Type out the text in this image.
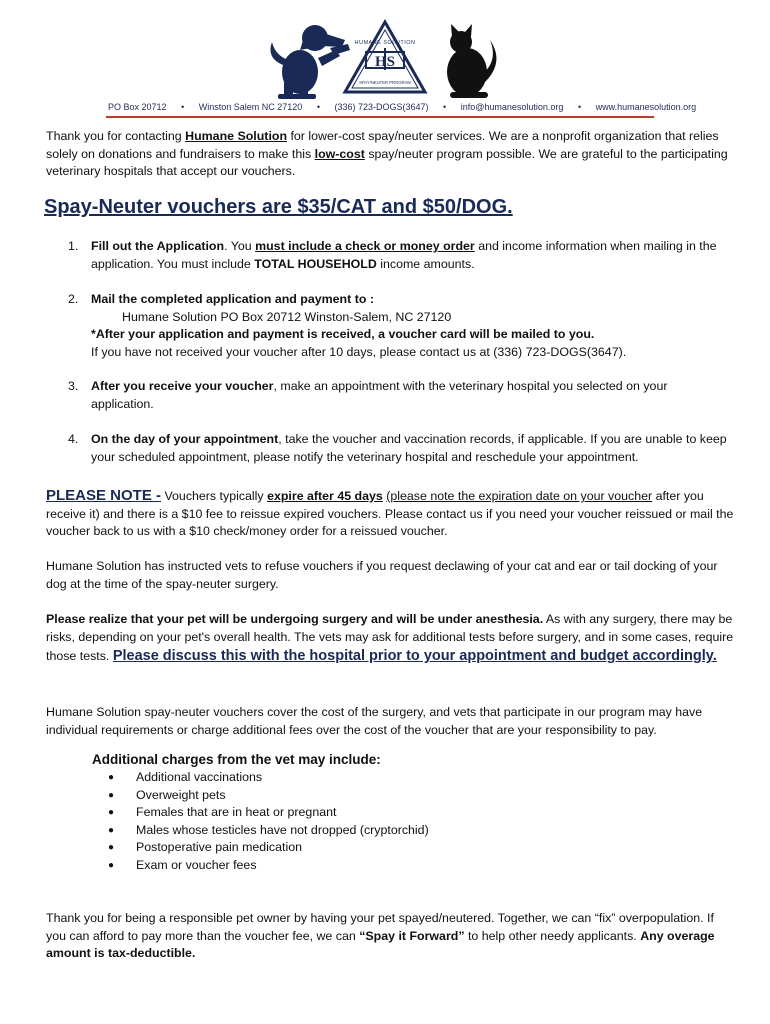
HS
HUMANE SOLUTION
SPAY/NEUTER PROGRAM
PO Box 20712 • Winston Salem NC 27120 • (336) 723-DOGS(3647) • info@humanesolution.org • www.humanesolution.org

Thank you for contacting Humane Solution for lower-cost spay/neuter services. We are a nonprofit organization that relies solely on donations and fundraisers to make this low-cost spay/neuter program possible. We are grateful to the participating veterinary hospitals that accept our vouchers.

Spay-Neuter vouchers are $35/CAT and $50/DOG.

1.	Fill out the Application. You must include a check or money order and income information when mailing in the application. You must include TOTAL HOUSEHOLD income amounts.

2.	Mail the completed application and payment to :

Humane Solution PO Box 20712 Winston-Salem, NC 27120

*After your application and payment is received, a voucher card will be mailed to you.

If you have not received your voucher after 10 days, please contact us at (336) 723-DOGS(3647).

3.	After you receive your voucher, make an appointment with the veterinary hospital you selected on your application.

4.	On the day of your appointment, take the voucher and vaccination records, if applicable. If you are unable to keep your scheduled appointment, please notify the veterinary hospital and reschedule your appointment.

PLEASE NOTE - Vouchers typically expire after 45 days (please note the expiration date on your voucher after you receive it) and there is a $10 fee to reissue expired vouchers. Please contact us if you need your voucher reissued or mail the voucher back to us with a $10 check/money order for a reissued voucher.

Humane Solution has instructed vets to refuse vouchers if you request declawing of your cat and ear or tail docking of your dog at the time of the spay-neuter surgery.

Please realize that your pet will be undergoing surgery and will be under anesthesia. As with any surgery, there may be risks, depending on your pet's overall health. The vets may ask for additional tests before surgery, and in some cases, require those tests. Please discuss this with the hospital prior to your appointment and budget accordingly.

Humane Solution spay-neuter vouchers cover the cost of the surgery, and vets that participate in our program may have individual requirements or charge additional fees over the cost of the voucher that are your responsibility to pay.

Additional charges from the vet may include:
● Additional vaccinations
● Overweight pets
● Females that are in heat or pregnant
● Males whose testicles have not dropped (cryptorchid)
● Postoperative pain medication
● Exam or voucher fees

Thank you for being a responsible pet owner by having your pet spayed/neutered. Together, we can “fix” overpopulation. If you can afford to pay more than the voucher fee, we can “Spay it Forward” to help other needy applicants. Any overage amount is tax-deductible.
